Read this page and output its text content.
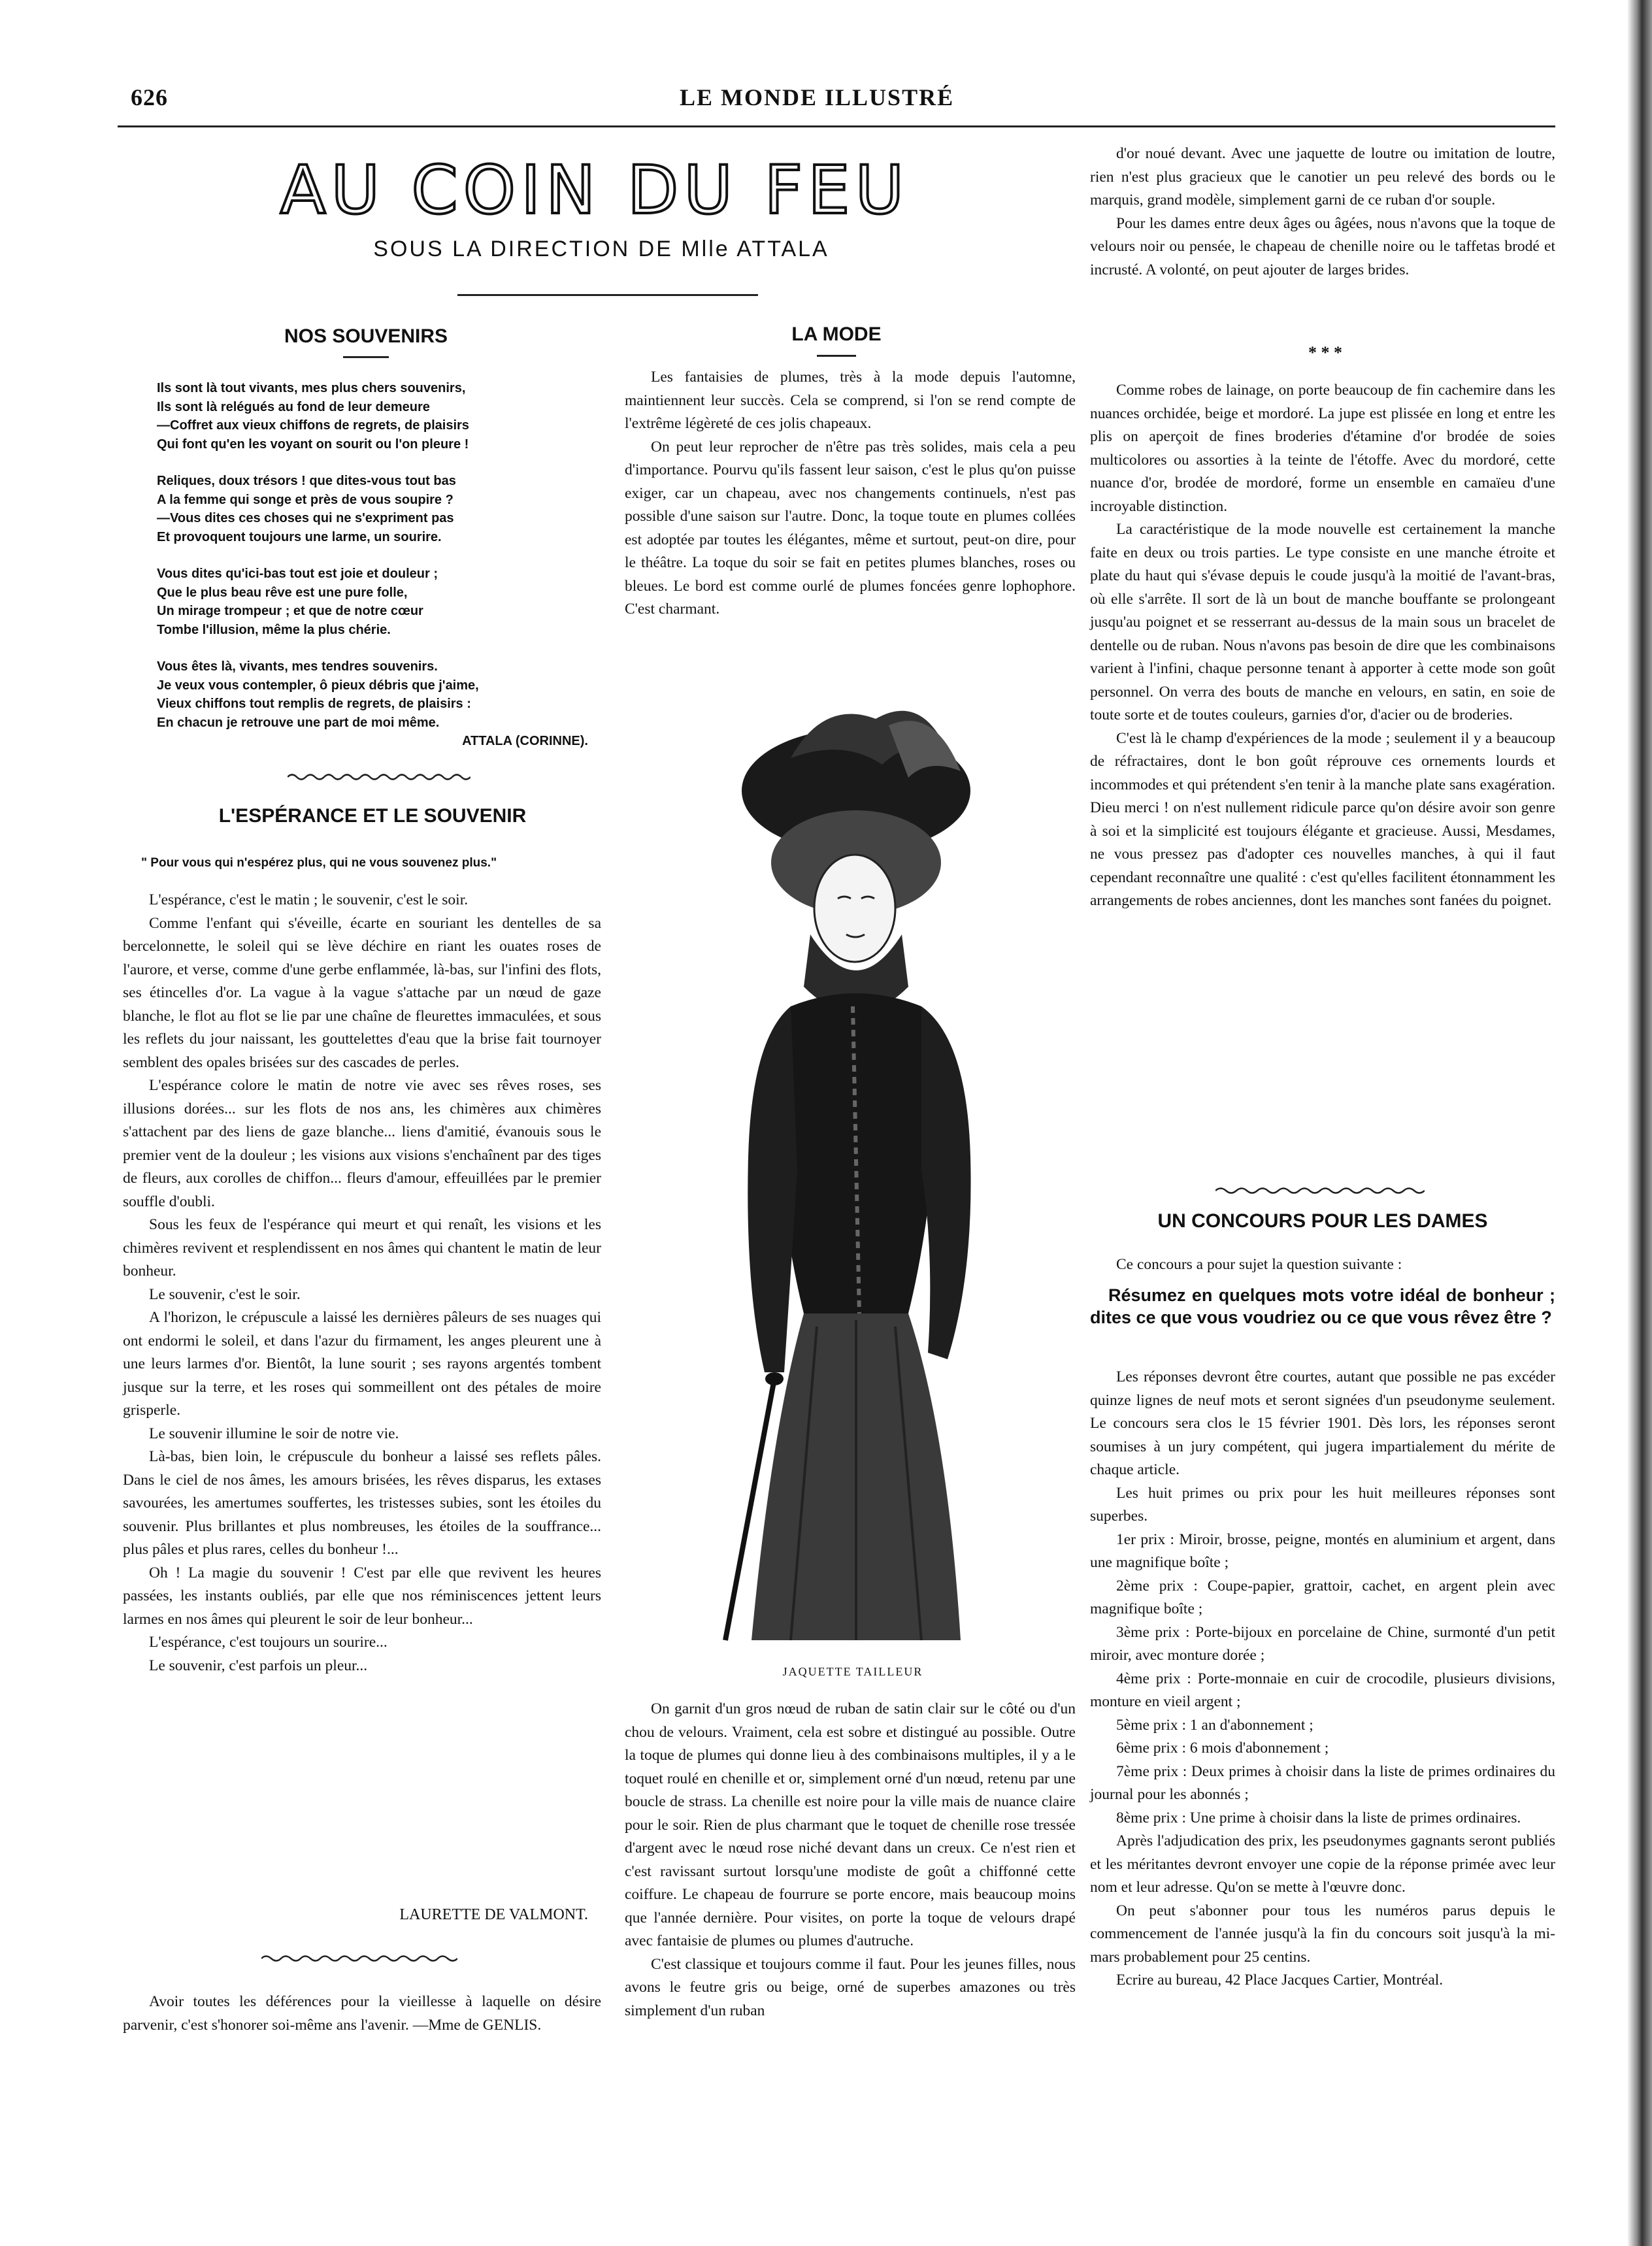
626	LE MONDE ILLUSTRÉ
AU COIN DU FEU
SOUS LA DIRECTION DE Mlle ATTALA
NOS SOUVENIRS
Ils sont là tout vivants, mes plus chers souvenirs,
Ils sont là relégués au fond de leur demeure
—Coffret aux vieux chiffons de regrets, de plaisirs
Qui font qu'en les voyant on sourit ou l'on pleure !
Reliques, doux trésors ! que dites-vous tout bas
A la femme qui songe et près de vous soupire ?
—Vous dites ces choses qui ne s'expriment pas
Et provoquent toujours une larme, un sourire.
Vous dites qu'ici-bas tout est joie et douleur ;
Que le plus beau rêve est une pure folle,
Un mirage trompeur ; et que de notre cœur
Tombe l'illusion, même la plus chérie.
Vous êtes là, vivants, mes tendres souvenirs.
Je veux vous contempler, ô pieux débris que j'aime,
Vieux chiffons tout remplis de regrets, de plaisirs :
En chacun je retrouve une part de moi même.
ATTALA (CORINNE).
L'ESPÉRANCE ET LE SOUVENIR
" Pour vous qui n'espérez plus, qui ne vous souvenez plus."

L'espérance, c'est le matin ; le souvenir, c'est le soir.

Comme l'enfant qui s'éveille, écarte en souriant les dentelles de sa bercelonnette, le soleil qui se lève déchire en riant les ouates roses de l'aurore, et verse, comme d'une gerbe enflammée, là-bas, sur l'infini des flots, ses étincelles d'or. La vague à la vague s'attache par un nœud de gaze blanche, le flot au flot se lie par une chaîne de fleurettes immaculées, et sous les reflets du jour naissant, les gouttelettes d'eau que la brise fait tournoyer semblent des opales brisées sur des cascades de perles.

L'espérance colore le matin de notre vie avec ses rêves roses, ses illusions dorées... sur les flots de nos ans, les chimères aux chimères s'attachent par des liens de gaze blanche... liens d'amitié, évanouis sous le premier vent de la douleur ; les visions aux visions s'enchaînent par des tiges de fleurs, aux corolles de chiffon... fleurs d'amour, effeuillées par le premier souffle d'oubli.

Sous les feux de l'espérance qui meurt et qui renaît, les visions et les chimères revivent et resplendissent en nos âmes qui chantent le matin de leur bonheur.

Le souvenir, c'est le soir.

A l'horizon, le crépuscule a laissé les dernières pâleurs de ses nuages qui ont endormi le soleil, et dans l'azur du firmament, les anges pleurent une à une leurs larmes d'or. Bientôt, la lune sourit ; ses rayons argentés tombent jusque sur la terre, et les roses qui sommeillent ont des pétales de moire grisperle.

Le souvenir illumine le soir de notre vie.

Là-bas, bien loin, le crépuscule du bonheur a laissé ses reflets pâles. Dans le ciel de nos âmes, les amours brisées, les rêves disparus, les extases savourées, les amertumes souffertes, les tristesses subies, sont les étoiles du souvenir. Plus brillantes et plus nombreuses, les étoiles de la souffrance... plus pâles et plus rares, celles du bonheur !...

Oh ! La magie du souvenir ! C'est par elle que revivent les heures passées, les instants oubliés, par elle que nos réminiscences jettent leurs larmes en nos âmes qui pleurent le soir de leur bonheur...

L'espérance, c'est toujours un sourire...

Le souvenir, c'est parfois un pleur...

LAURETTE DE VALMONT.

Avoir toutes les déférences pour la vieillesse à laquelle on désire parvenir, c'est s'honorer soi-même ans l'avenir. —Mme de GENLIS.

LA MODE

Les fantaisies de plumes, très à la mode depuis l'automne, maintiennent leur succès. Cela se comprend, si l'on se rend compte de l'extrême légèreté de ces jolis chapeaux.

On peut leur reprocher de n'être pas très solides, mais cela a peu d'importance. Pourvu qu'ils fassent leur saison, c'est le plus qu'on puisse exiger, car un chapeau, avec nos changements continuels, n'est pas possible d'une saison sur l'autre. Donc, la toque toute en plumes collées est adoptée par toutes les élégantes, même et surtout, peut-on dire, pour le théâtre. La toque du soir se fait en petites plumes blanches, roses ou bleues. Le bord est comme ourlé de plumes foncées genre lophophore. C'est charmant.

JAQUETTE TAILLEUR

On garnit d'un gros nœud de ruban de satin clair sur le côté ou d'un chou de velours. Vraiment, cela est sobre et distingué au possible. Outre la toque de plumes qui donne lieu à des combinaisons multiples, il y a le toquet roulé en chenille et or, simplement orné d'un nœud, retenu par une boucle de strass. La chenille est noire pour la ville mais de nuance claire pour le soir. Rien de plus charmant que le toquet de chenille rose tressée d'argent avec le nœud rose niché devant dans un creux. Ce n'est rien et c'est ravissant surtout lorsqu'une modiste de goût a chiffonné cette coiffure. Le chapeau de fourrure se porte encore, mais beaucoup moins que l'année dernière. Pour visites, on porte la toque de velours drapé avec fantaisie de plumes ou plumes d'autruche.

C'est classique et toujours comme il faut. Pour les jeunes filles, nous avons le feutre gris ou beige, orné de superbes amazones ou très simplement d'un ruban

d'or noué devant. Avec une jaquette de loutre ou imitation de loutre, rien n'est plus gracieux que le canotier un peu relevé des bords ou le marquis, grand modèle, simplement garni de ce ruban d'or souple.

Pour les dames entre deux âges ou âgées, nous n'avons que la toque de velours noir ou pensée, le chapeau de chenille noire ou le taffetas brodé et incrusté. A volonté, on peut ajouter de larges brides.

* * *

Comme robes de lainage, on porte beaucoup de fin cachemire dans les nuances orchidée, beige et mordoré. La jupe est plissée en long et entre les plis on aperçoit de fines broderies d'étamine d'or brodée de soies multicolores ou assorties à la teinte de l'étoffe. Avec du mordoré, cette nuance d'or, brodée de mordoré, forme un ensemble en camaïeu d'une incroyable distinction.

La caractéristique de la mode nouvelle est certainement la manche faite en deux ou trois parties. Le type consiste en une manche étroite et plate du haut qui s'évase depuis le coude jusqu'à la moitié de l'avant-bras, où elle s'arrête. Il sort de là un bout de manche bouffante se prolongeant jusqu'au poignet et se resserrant au-dessus de la main sous un bracelet de dentelle ou de ruban. Nous n'avons pas besoin de dire que les combinaisons varient à l'infini, chaque personne tenant à apporter à cette mode son goût personnel. On verra des bouts de manche en velours, en satin, en soie de toute sorte et de toutes couleurs, garnies d'or, d'acier ou de broderies.

C'est là le champ d'expériences de la mode ; seulement il y a beaucoup de réfractaires, dont le bon goût réprouve ces ornements lourds et incommodes et qui prétendent s'en tenir à la manche plate sans exagération. Dieu merci ! on n'est nullement ridicule parce qu'on désire avoir son genre à soi et la simplicité est toujours élégante et gracieuse. Aussi, Mesdames, ne vous pressez pas d'adopter ces nouvelles manches, à qui il faut cependant reconnaître une qualité : c'est qu'elles facilitent étonnamment les arrangements de robes anciennes, dont les manches sont fanées du poignet.

UN CONCOURS POUR LES DAMES

Ce concours a pour sujet la question suivante :

Résumez en quelques mots votre idéal de bonheur ; dites ce que vous voudriez ou ce que vous rêvez être ?

Les réponses devront être courtes, autant que possible ne pas excéder quinze lignes de neuf mots et seront signées d'un pseudonyme seulement. Le concours sera clos le 15 février 1901. Dès lors, les réponses seront soumises à un jury compétent, qui jugera impartialement du mérite de chaque article.

Les huit primes ou prix pour les huit meilleures réponses sont superbes.

1er prix : Miroir, brosse, peigne, montés en aluminium et argent, dans une magnifique boîte ;

2ème prix : Coupe-papier, grattoir, cachet, en argent plein avec magnifique boîte ;

3ème prix : Porte-bijoux en porcelaine de Chine, surmonté d'un petit miroir, avec monture dorée ;

4ème prix : Porte-monnaie en cuir de crocodile, plusieurs divisions, monture en vieil argent ;

5ème prix : 1 an d'abonnement ;

6ème prix : 6 mois d'abonnement ;

7ème prix : Deux primes à choisir dans la liste de primes ordinaires du journal pour les abonnés ;

8ème prix : Une prime à choisir dans la liste de primes ordinaires.

Après l'adjudication des prix, les pseudonymes gagnants seront publiés et les méritantes devront envoyer une copie de la réponse primée avec leur nom et leur adresse. Qu'on se mette à l'œuvre donc.

On peut s'abonner pour tous les numéros parus depuis le commencement de l'année jusqu'à la fin du concours soit jusqu'à la mi-mars probablement pour 25 centins.

Ecrire au bureau, 42 Place Jacques Cartier, Montréal.
